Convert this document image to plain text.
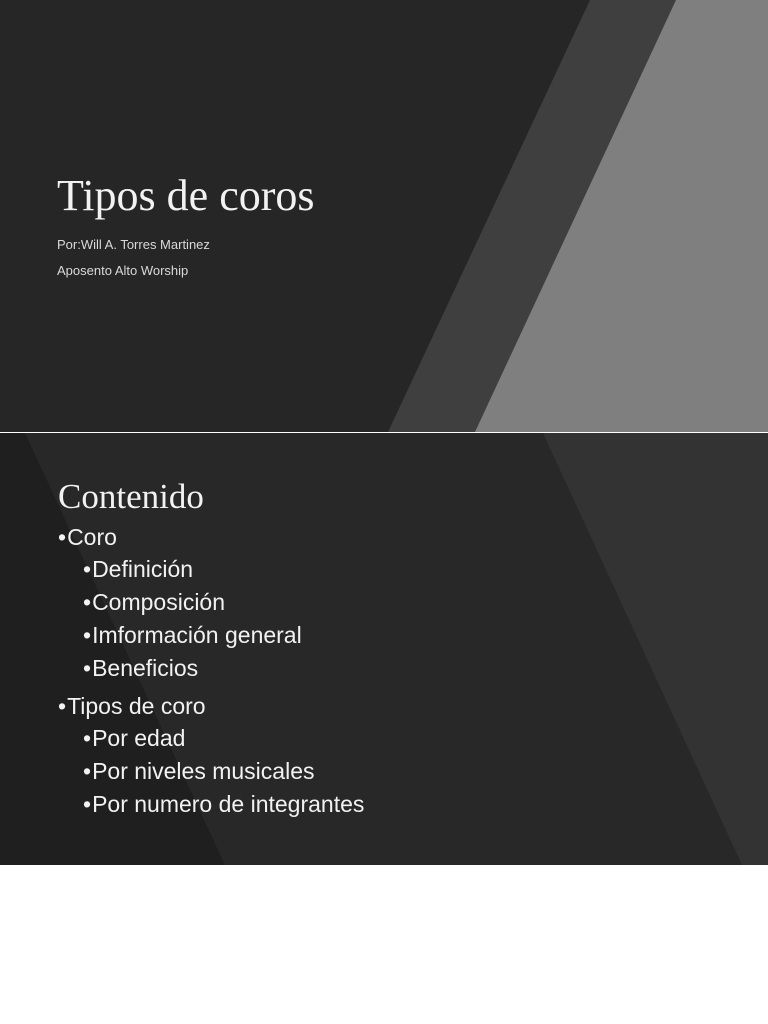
Tipos de coros

Por:Will A. Torres Martinez

Aposento Alto Worship

Contenido
•Coro
•Definición
•Composición
•Imformación general
•Beneficios
•Tipos de coro
•Por edad
•Por niveles musicales
•Por numero de integrantes
